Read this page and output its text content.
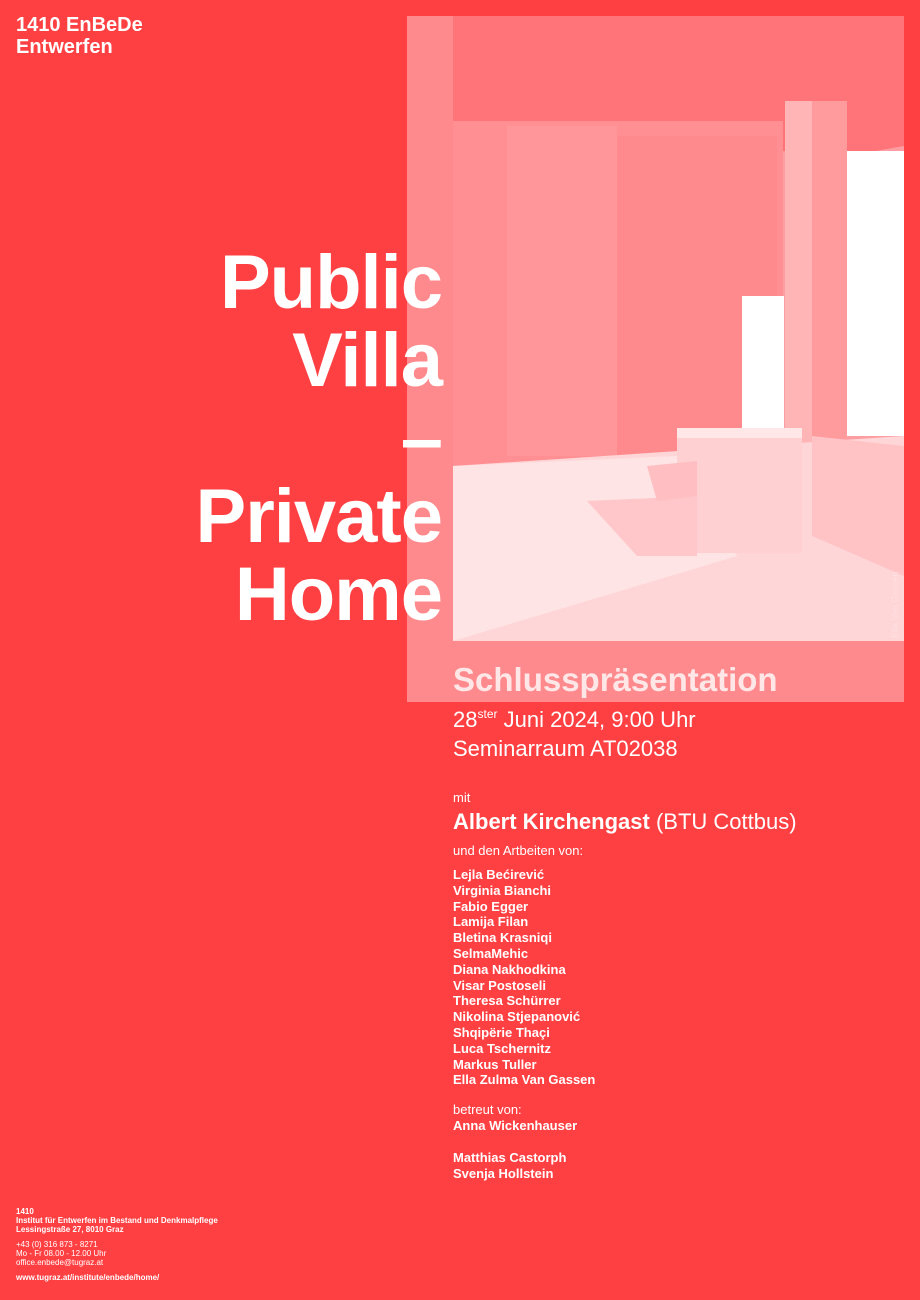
1410 EnBeDe
Entwerfen
Ella Van Gassen
Public
Villa
–
Private
Home
Schlusspräsentation
$28^{ster}$ Juni 2024, 9:00 Uhr
Seminarraum AT02038
mit
Albert Kirchengast (BTU Cottbus)
und den Artbeiten von:
Lejla Bećirević
Virginia Bianchi
Fabio Egger
Lamija Filan
Bletina Krasniqi
SelmaMehic
Diana Nakhodkina
Visar Postoseli
Theresa Schürrer
Nikolina Stjepanović
Shqipërie Thaçi
Luca Tschernitz
Markus Tuller
Ella Zulma Van Gassen
betreut von:
Anna Wickenhauser
Matthias Castorph
Svenja Hollstein
1410
Institut für Entwerfen im Bestand und Denkmalpflege
Lessingstraße 27, 8010 Graz
+43 (0) 316 873 - 8271
Mo - Fr 08.00 - 12.00 Uhr
office.enbede@tugraz.at
www.tugraz.at/institute/enbede/home/
